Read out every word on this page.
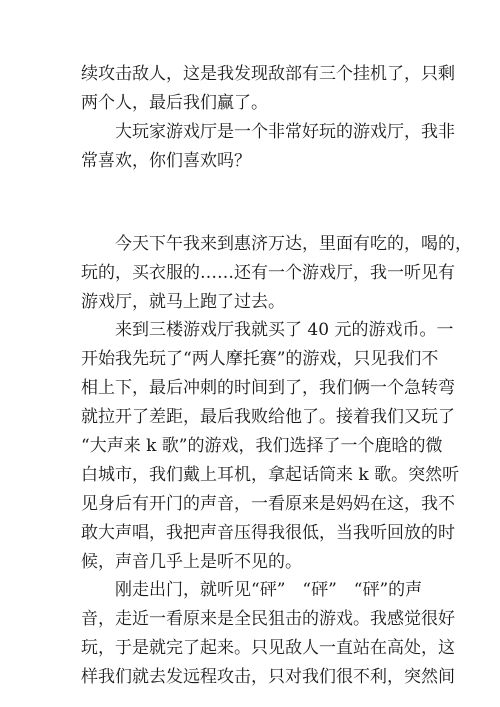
续攻击敌人，这是我发现敌部有三个挂机了，只剩
两个人，最后我们赢了。

　　大玩家游戏厅是一个非常好玩的游戏厅，我非
常喜欢，你们喜欢吗？

　　今天下午我来到惠济万达，里面有吃的，喝的，
玩的，买衣服的……还有一个游戏厅，我一听见有
游戏厅，就马上跑了过去。

　　来到三楼游戏厅我就买了 40 元的游戏币。一
开始我先玩了“两人摩托赛”的游戏，只见我们不
相上下，最后冲刺的时间到了，我们俩一个急转弯
就拉开了差距，最后我败给他了。接着我们又玩了
“大声来 k 歌”的游戏，我们选择了一个鹿晗的微
白城市，我们戴上耳机，拿起话筒来 k 歌。突然听
见身后有开门的声音，一看原来是妈妈在这，我不
敢大声唱，我把声音压得我很低，当我听回放的时
候，声音几乎上是听不见的。

　　刚走出门，就听见“砰”　“砰”　“砰”的声
音，走近一看原来是全民狙击的游戏。我感觉很好
玩，于是就完了起来。只见敌人一直站在高处，这
样我们就去发远程攻击，只对我们很不利，突然间
